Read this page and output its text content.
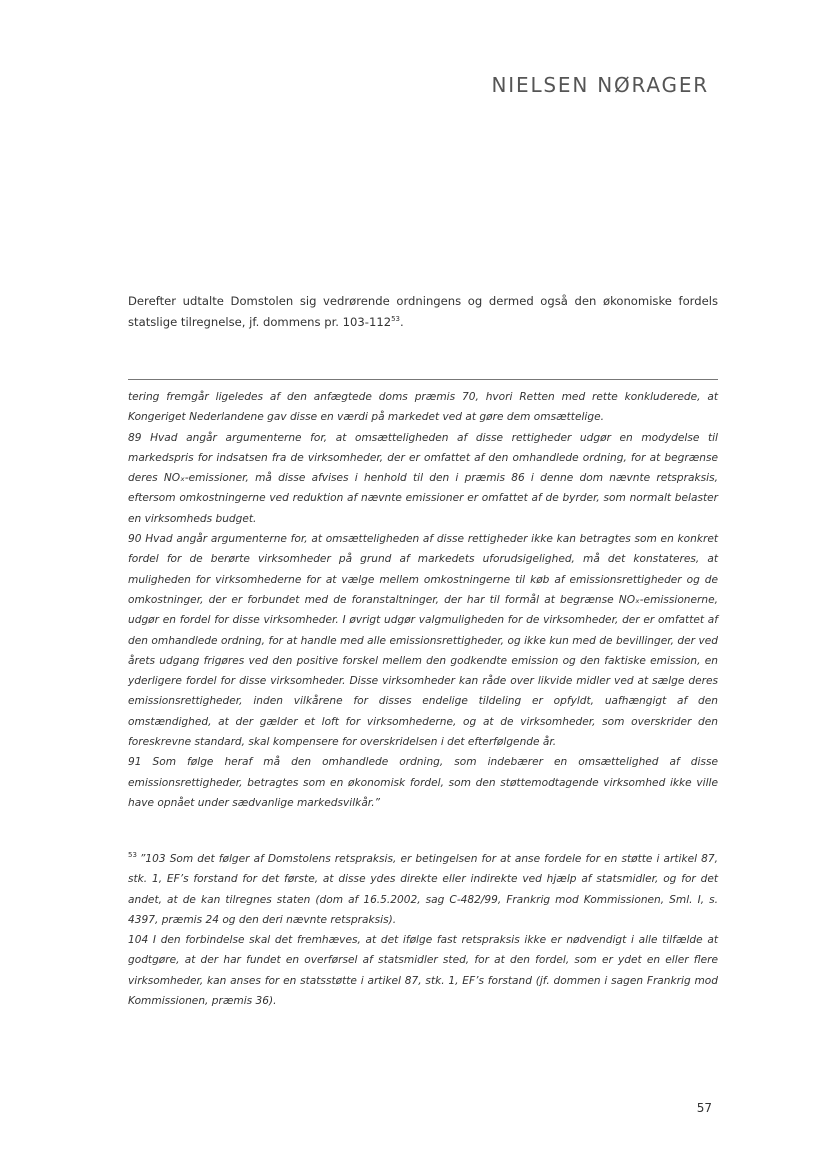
NIELSEN NØRAGER

Derefter udtalte Domstolen sig vedrørende ordningens og dermed også den økonomiske fordels statslige tilregnelse, jf. dommens pr. $103-112^{53}$.

tering fremgår ligeledes af den anfægtede doms præmis 70, hvori Retten med rette konkluderede, at Kongeriget Nederlandene gav disse en værdi på markedet ved at gøre dem omsættelige.

89 Hvad angår argumenterne for, at omsætteligheden af disse rettigheder udgør en modydelse til markedspris for indsatsen fra de virksomheder, der er omfattet af den omhandlede ordning, for at begrænse deres NOₓ-emissioner, må disse afvises i henhold til den i præmis 86 i denne dom nævnte retspraksis, eftersom omkostningerne ved reduktion af nævnte emissioner er omfattet af de byrder, som normalt belaster en virksomheds budget.

90 Hvad angår argumenterne for, at omsætteligheden af disse rettigheder ikke kan betragtes som en konkret fordel for de berørte virksomheder på grund af markedets uforudsigelighed, må det konstateres, at muligheden for virksomhederne for at vælge mellem omkostningerne til køb af emissionsrettigheder og de omkostninger, der er forbundet med de foranstaltninger, der har til formål at begrænse NOₓ-emissionerne, udgør en fordel for disse virksomheder. I øvrigt udgør valgmuligheden for de virksomheder, der er omfattet af den omhandlede ordning, for at handle med alle emissionsrettigheder, og ikke kun med de bevillinger, der ved årets udgang frigøres ved den positive forskel mellem den godkendte emission og den faktiske emission, en yderligere fordel for disse virksomheder. Disse virksomheder kan råde over likvide midler ved at sælge deres emissionsrettigheder, inden vilkårene for disses endelige tildeling er opfyldt, uafhængigt af den omstændighed, at der gælder et loft for virksomhederne, og at de virksomheder, som overskrider den foreskrevne standard, skal kompensere for overskridelsen i det efterfølgende år.

91 Som følge heraf må den omhandlede ordning, som indebærer en omsættelighed af disse emissionsrettigheder, betragtes som en økonomisk fordel, som den støttemodtagende virksomhed ikke ville have opnået under sædvanlige markedsvilkår.”

$^{53}$ ”103 Som det følger af Domstolens retspraksis, er betingelsen for at anse fordele for en støtte i artikel 87, stk. 1, EF’s forstand for det første, at disse ydes direkte eller indirekte ved hjælp af statsmidler, og for det andet, at de kan tilregnes staten (dom af 16.5.2002, sag C-482/99, Frankrig mod Kommissionen, Sml. I, s. 4397, præmis 24 og den deri nævnte retspraksis).

104 I den forbindelse skal det fremhæves, at det ifølge fast retspraksis ikke er nødvendigt i alle tilfælde at godtgøre, at der har fundet en overførsel af statsmidler sted, for at den fordel, som er ydet en eller flere virksomheder, kan anses for en statsstøtte i artikel 87, stk. 1, EF’s forstand (jf. dommen i sagen Frankrig mod Kommissionen, præmis 36).

57
